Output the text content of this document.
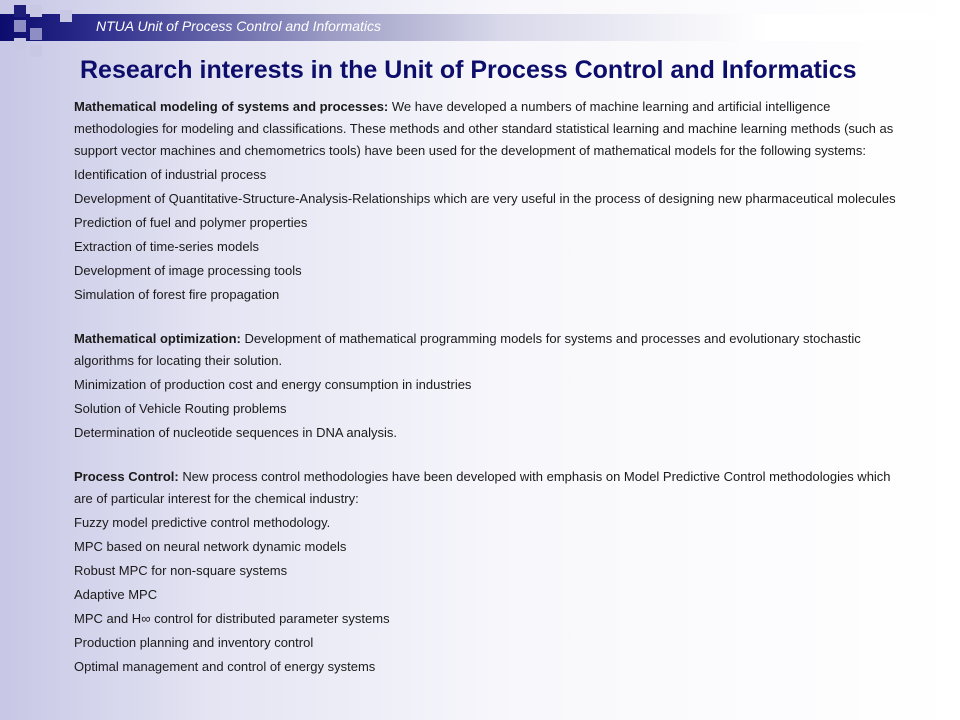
NTUA Unit of Process Control and Informatics
Research interests in the Unit of Process Control and Informatics

Mathematical modeling of systems and processes: We have developed a numbers of machine learning and artificial intelligence methodologies for modeling and classifications. These methods and other standard statistical learning and machine learning methods (such as support vector machines and chemometrics tools) have been used for the development of mathematical models for the following systems:

Identification of industrial process

Development of Quantitative-Structure-Analysis-Relationships which are very useful in the process of designing new pharmaceutical molecules

Prediction of fuel and polymer properties

Extraction of time-series models

Development of image processing tools

Simulation of forest fire propagation

Mathematical optimization: Development of mathematical programming models for systems and processes and evolutionary stochastic algorithms for locating their solution.

Minimization of production cost and energy consumption in industries

Solution of Vehicle Routing problems

Determination of nucleotide sequences in DNA analysis.

Process Control: New process control methodologies have been developed with emphasis on Model Predictive Control methodologies which are of particular interest for the chemical industry:

Fuzzy model predictive control methodology.

MPC based on neural network dynamic models

Robust MPC for non-square systems

Adaptive MPC

MPC and H∞ control for distributed parameter systems

Production planning and inventory control

Optimal management and control of energy systems
